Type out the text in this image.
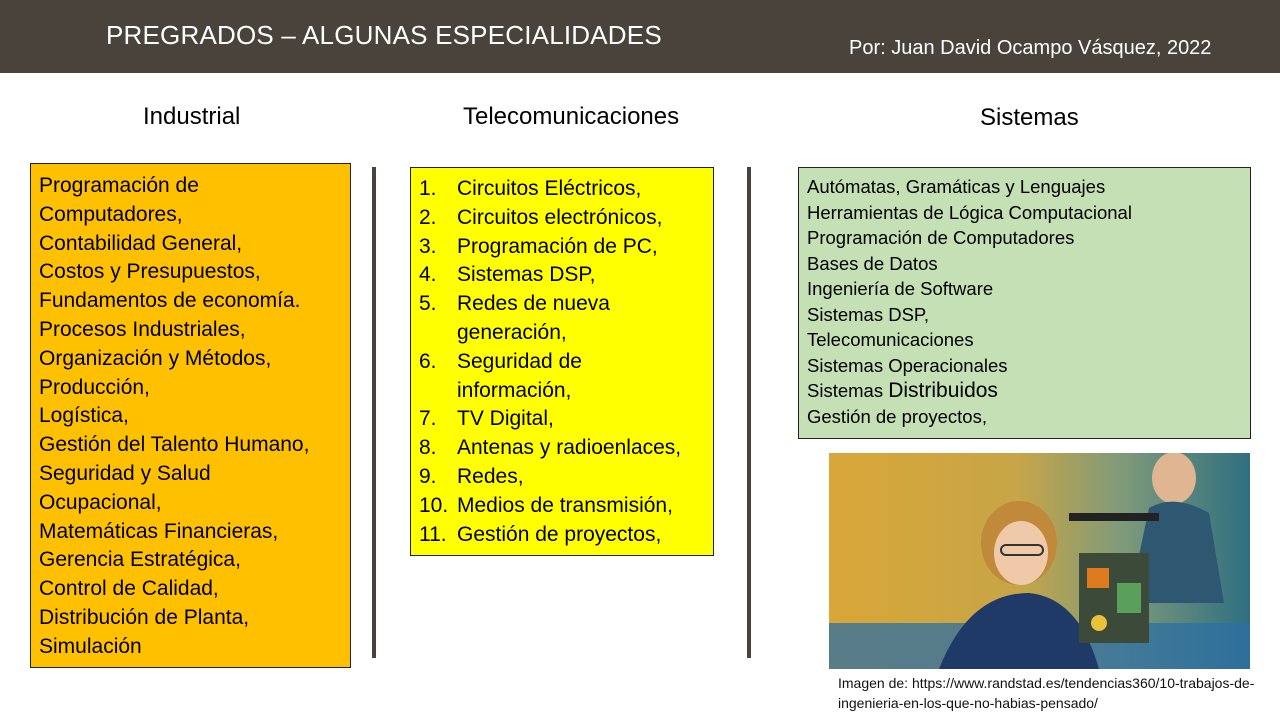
PREGRADOS – ALGUNAS ESPECIALIDADES	Por: Juan David Ocampo Vásquez, 2022
Industrial	Telecomunicaciones	Sistemas
Programación de
Computadores,
Contabilidad General,
Costos y Presupuestos,
Fundamentos de economía.
Procesos Industriales,
Organización y Métodos,
Producción,
Logística,
Gestión del Talento Humano,
Seguridad y Salud
Ocupacional,
Matemáticas Financieras,
Gerencia Estratégica,
Control de Calidad,
Distribución de Planta,
Simulación
1. Circuitos Eléctricos,
2. Circuitos electrónicos,
3. Programación de PC,
4. Sistemas DSP,
5. Redes de nueva
generación,
6. Seguridad de
información,
7. TV Digital,
8. Antenas y radioenlaces,
9. Redes,
10. Medios de transmisión,
11. Gestión de proyectos,
Autómatas, Gramáticas y Lenguajes
Herramientas de Lógica Computacional
Programación de Computadores
Bases de Datos
Ingeniería de Software
Sistemas DSP,
Telecomunicaciones
Sistemas Operacionales
Sistemas Distribuidos
Gestión de proyectos,
Imagen de: https://www.randstad.es/tendencias360/10-trabajos-de-ingenieria-en-los-que-no-habias-pensado/
